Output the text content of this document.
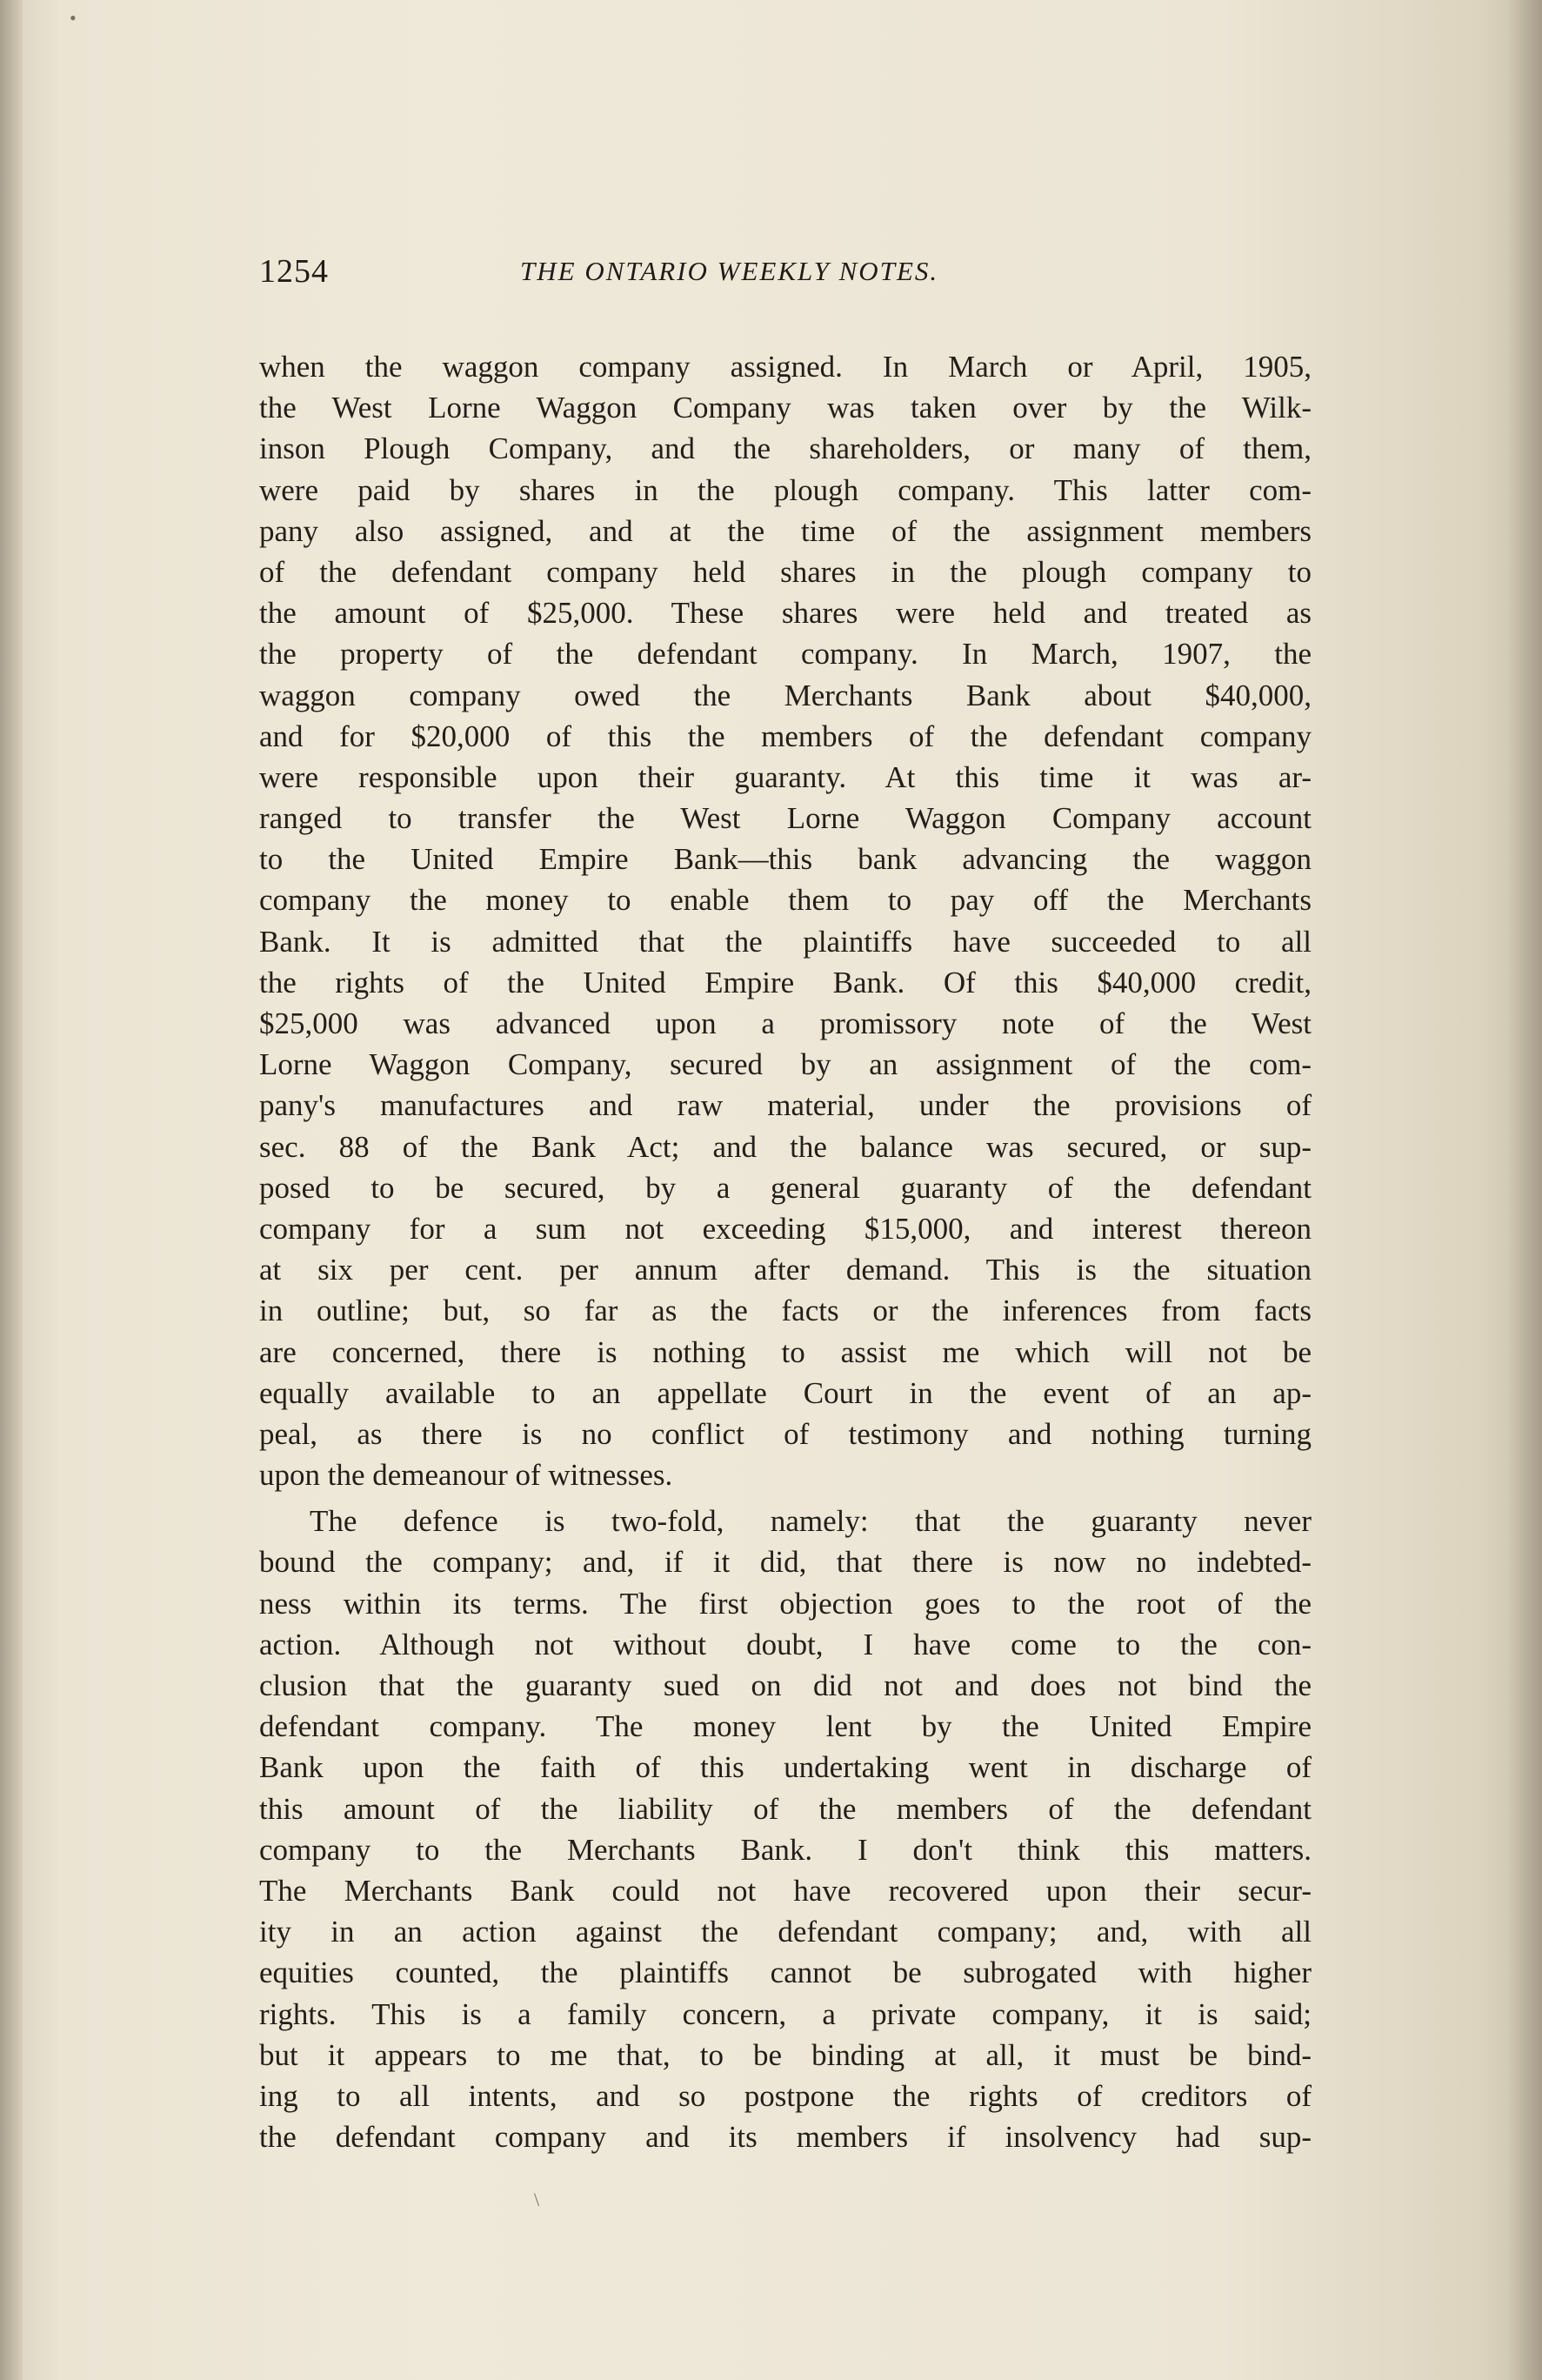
1254	THE ONTARIO WEEKLY NOTES.

when the waggon company assigned. In March or April, 1905,
the West Lorne Waggon Company was taken over by the Wilk-
inson Plough Company, and the shareholders, or many of them,
were paid by shares in the plough company. This latter com-
pany also assigned, and at the time of the assignment members
of the defendant company held shares in the plough company to
the amount of $25,000. These shares were held and treated as
the property of the defendant company. In March, 1907, the
waggon company owed the Merchants Bank about $40,000,
and for $20,000 of this the members of the defendant company
were responsible upon their guaranty. At this time it was ar-
ranged to transfer the West Lorne Waggon Company account
to the United Empire Bank—this bank advancing the waggon
company the money to enable them to pay off the Merchants
Bank. It is admitted that the plaintiffs have succeeded to all
the rights of the United Empire Bank. Of this $40,000 credit,
$25,000 was advanced upon a promissory note of the West
Lorne Waggon Company, secured by an assignment of the com-
pany's manufactures and raw material, under the provisions of
sec. 88 of the Bank Act; and the balance was secured, or sup-
posed to be secured, by a general guaranty of the defendant
company for a sum not exceeding $15,000, and interest thereon
at six per cent. per annum after demand. This is the situation
in outline; but, so far as the facts or the inferences from facts
are concerned, there is nothing to assist me which will not be
equally available to an appellate Court in the event of an ap-
peal, as there is no conflict of testimony and nothing turning
upon the demeanour of witnesses.

The defence is two-fold, namely: that the guaranty never
bound the company; and, if it did, that there is now no indebted-
ness within its terms. The first objection goes to the root of the
action. Although not without doubt, I have come to the con-
clusion that the guaranty sued on did not and does not bind the
defendant company. The money lent by the United Empire
Bank upon the faith of this undertaking went in discharge of
this amount of the liability of the members of the defendant
company to the Merchants Bank. I don't think this matters.
The Merchants Bank could not have recovered upon their secur-
ity in an action against the defendant company; and, with all
equities counted, the plaintiffs cannot be subrogated with higher
rights. This is a family concern, a private company, it is said;
but it appears to me that, to be binding at all, it must be bind-
ing to all intents, and so postpone the rights of creditors of
the defendant company and its members if insolvency had sup-

\
•
